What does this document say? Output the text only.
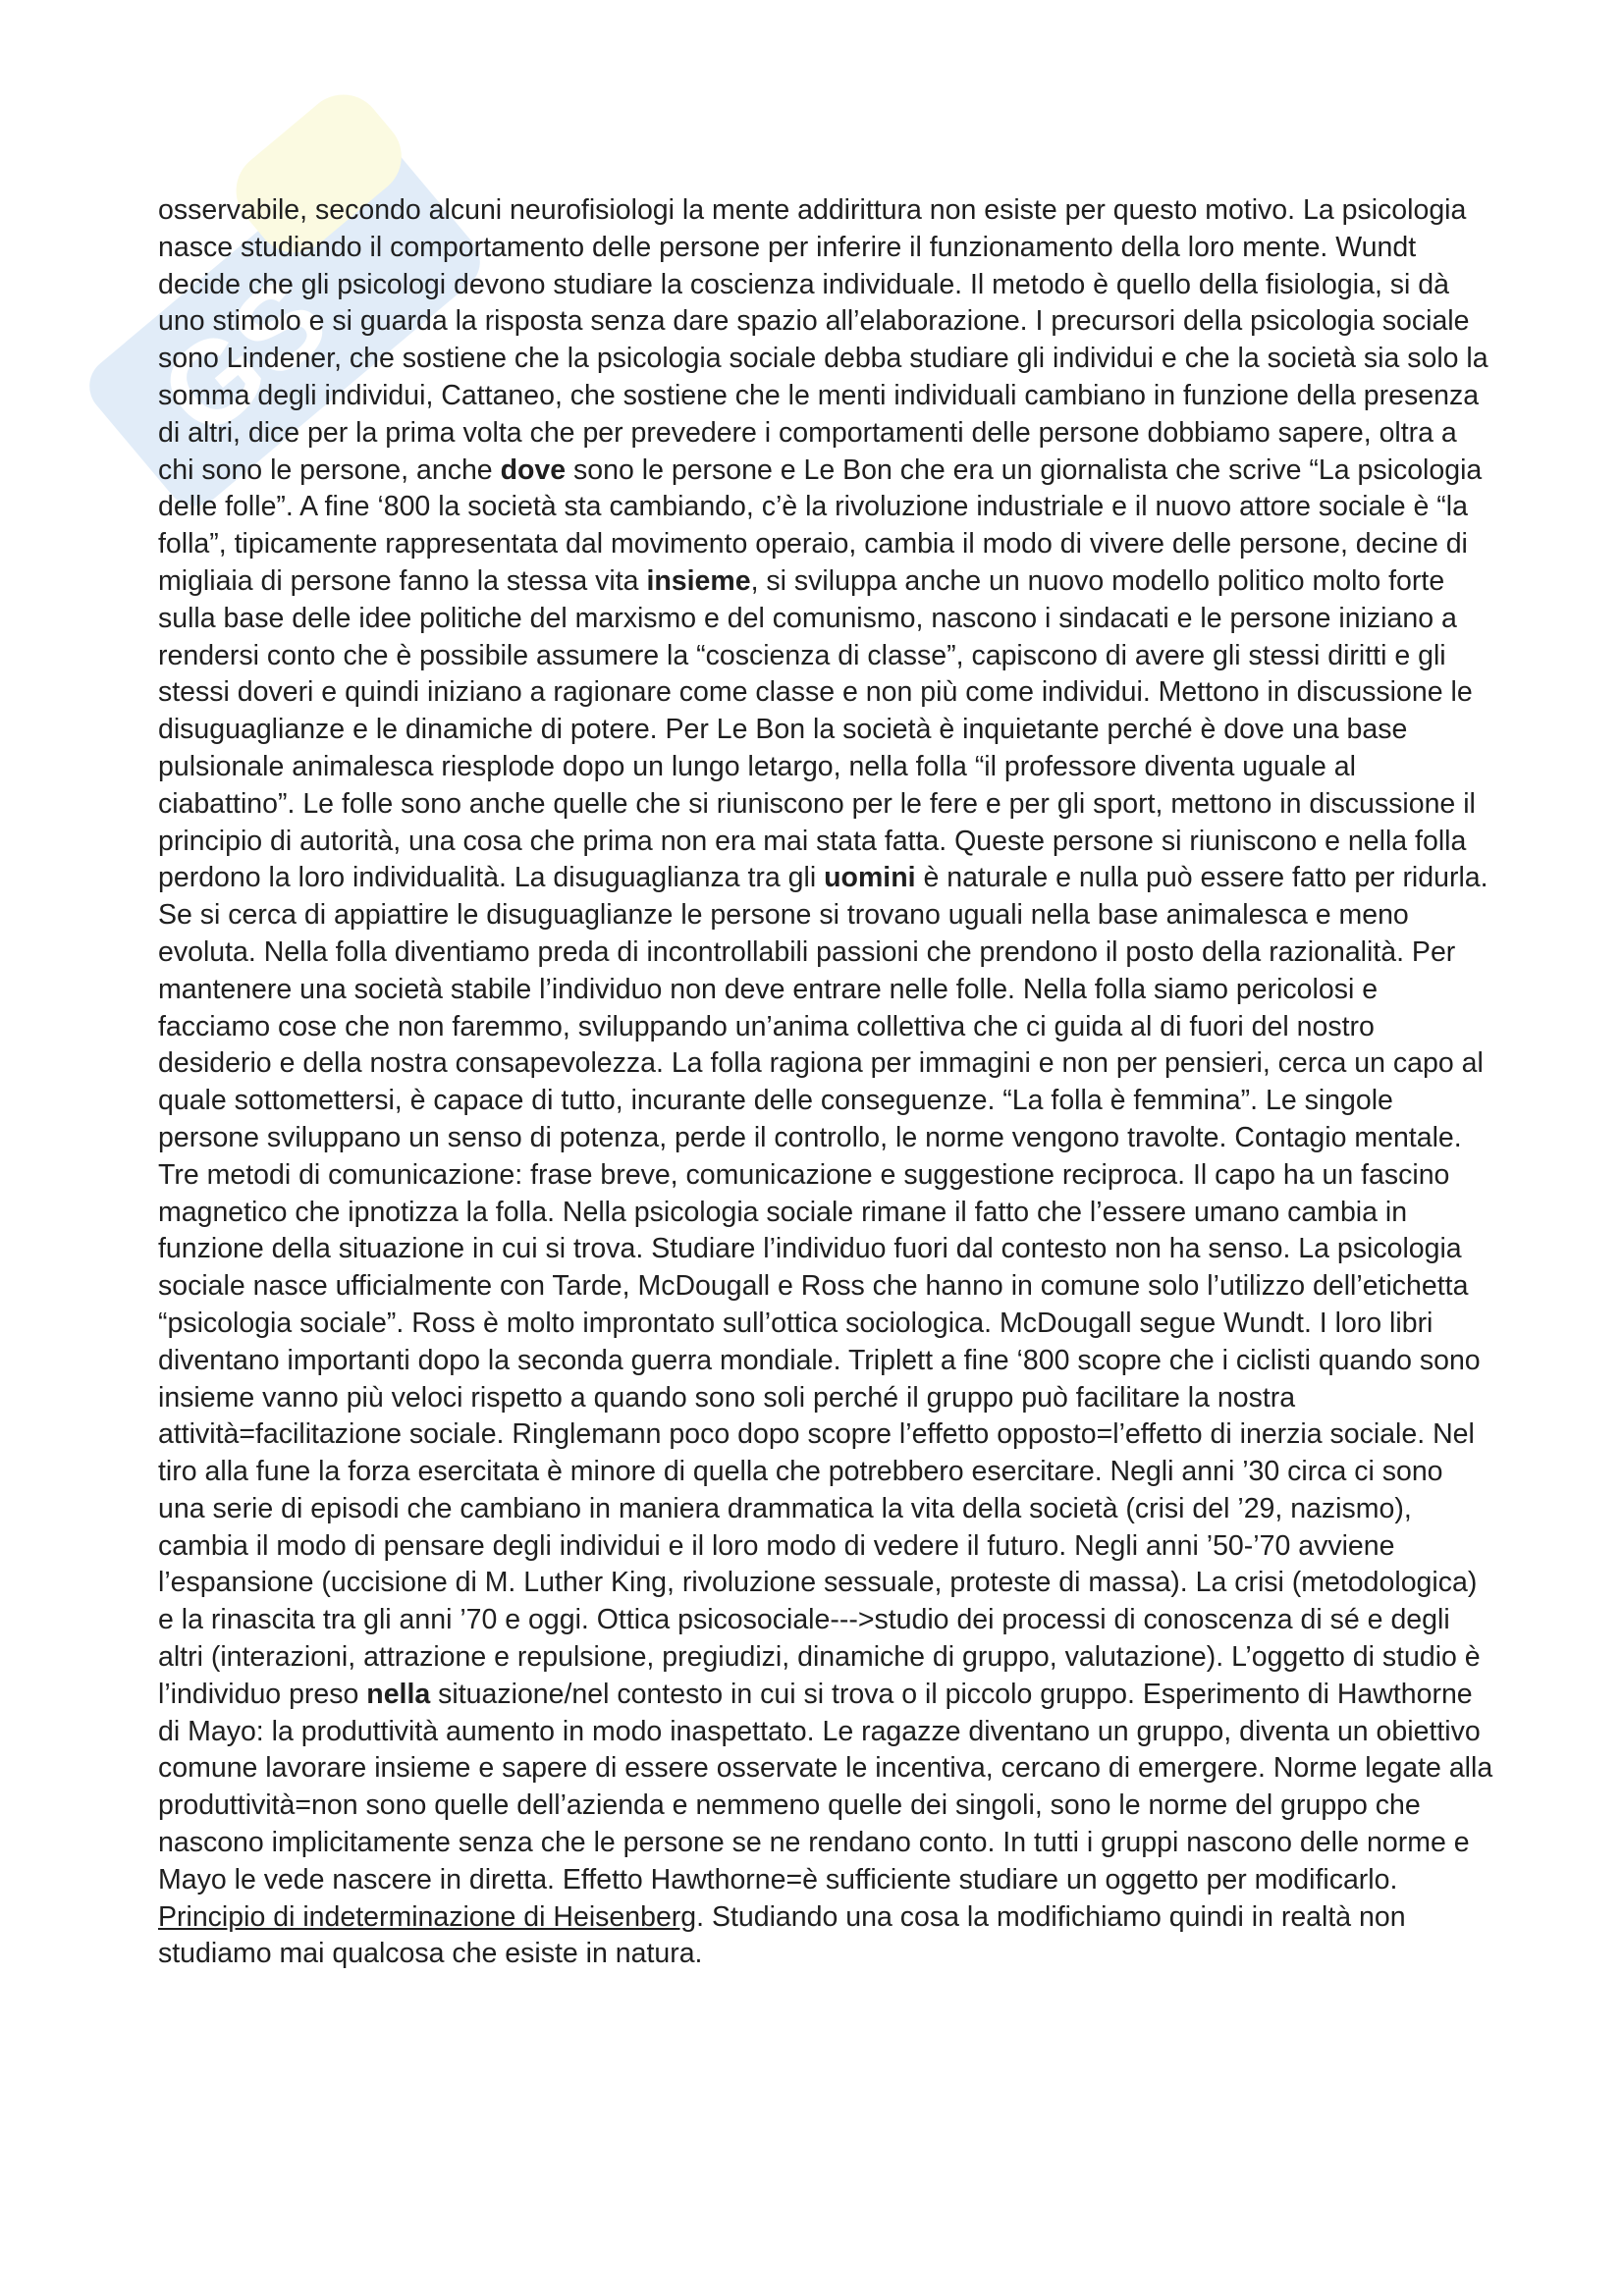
GS

osservabile, secondo alcuni neurofisiologi la mente addirittura non esiste per questo motivo. La psicologia nasce studiando il comportamento delle persone per inferire il funzionamento della loro mente. Wundt decide che gli psicologi devono studiare la coscienza individuale. Il metodo è quello della fisiologia, si dà uno stimolo e si guarda la risposta senza dare spazio all’elaborazione. I precursori della psicologia sociale sono Lindener, che sostiene che la psicologia sociale debba studiare gli individui e che la società sia solo la somma degli individui, Cattaneo, che sostiene che le menti individuali cambiano in funzione della presenza di altri, dice per la prima volta che per prevedere i comportamenti delle persone dobbiamo sapere, oltra a chi sono le persone, anche dove sono le persone e Le Bon che era un giornalista che scrive “La psicologia delle folle”. A fine ‘800 la società sta cambiando, c’è la rivoluzione industriale e il nuovo attore sociale è “la folla”, tipicamente rappresentata dal movimento operaio, cambia il modo di vivere delle persone, decine di migliaia di persone fanno la stessa vita insieme, si sviluppa anche un nuovo modello politico molto forte sulla base delle idee politiche del marxismo e del comunismo, nascono i sindacati e le persone iniziano a rendersi conto che è possibile assumere la “coscienza di classe”, capiscono di avere gli stessi diritti e gli stessi doveri e quindi iniziano a ragionare come classe e non più come individui. Mettono in discussione le disuguaglianze e le dinamiche di potere. Per Le Bon la società è inquietante perché è dove una base pulsionale animalesca riesplode dopo un lungo letargo, nella folla “il professore diventa uguale al ciabattino”. Le folle sono anche quelle che si riuniscono per le fere e per gli sport, mettono in discussione il principio di autorità, una cosa che prima non era mai stata fatta. Queste persone si riuniscono e nella folla perdono la loro individualità. La disuguaglianza tra gli uomini è naturale e nulla può essere fatto per ridurla. Se si cerca di appiattire le disuguaglianze le persone si trovano uguali nella base animalesca e meno evoluta. Nella folla diventiamo preda di incontrollabili passioni che prendono il posto della razionalità. Per mantenere una società stabile l’individuo non deve entrare nelle folle. Nella folla siamo pericolosi e facciamo cose che non faremmo, sviluppando un’anima collettiva che ci guida al di fuori del nostro desiderio e della nostra consapevolezza. La folla ragiona per immagini e non per pensieri, cerca un capo al quale sottomettersi, è capace di tutto, incurante delle conseguenze. “La folla è femmina”. Le singole persone sviluppano un senso di potenza, perde il controllo, le norme vengono travolte. Contagio mentale. Tre metodi di comunicazione: frase breve, comunicazione e suggestione reciproca. Il capo ha un fascino magnetico che ipnotizza la folla. Nella psicologia sociale rimane il fatto che l’essere umano cambia in funzione della situazione in cui si trova. Studiare l’individuo fuori dal contesto non ha senso. La psicologia sociale nasce ufficialmente con Tarde, McDougall e Ross che hanno in comune solo l’utilizzo dell’etichetta “psicologia sociale”. Ross è molto improntato sull’ottica sociologica. McDougall segue Wundt. I loro libri diventano importanti dopo la seconda guerra mondiale. Triplett a fine ‘800 scopre che i ciclisti quando sono insieme vanno più veloci rispetto a quando sono soli perché il gruppo può facilitare la nostra attività=facilitazione sociale. Ringlemann poco dopo scopre l’effetto opposto=l’effetto di inerzia sociale. Nel tiro alla fune la forza esercitata è minore di quella che potrebbero esercitare. Negli anni ’30 circa ci sono una serie di episodi che cambiano in maniera drammatica la vita della società (crisi del ’29, nazismo), cambia il modo di pensare degli individui e il loro modo di vedere il futuro. Negli anni ’50-’70 avviene l’espansione (uccisione di M. Luther King, rivoluzione sessuale, proteste di massa). La crisi (metodologica) e la rinascita tra gli anni ’70 e oggi. Ottica psicosociale--->studio dei processi di conoscenza di sé e degli altri (interazioni, attrazione e repulsione, pregiudizi, dinamiche di gruppo, valutazione). L’oggetto di studio è l’individuo preso nella situazione/nel contesto in cui si trova o il piccolo gruppo. Esperimento di Hawthorne di Mayo: la produttività aumento in modo inaspettato. Le ragazze diventano un gruppo, diventa un obiettivo comune lavorare insieme e sapere di essere osservate le incentiva, cercano di emergere. Norme legate alla produttività=non sono quelle dell’azienda e nemmeno quelle dei singoli, sono le norme del gruppo che nascono implicitamente senza che le persone se ne rendano conto. In tutti i gruppi nascono delle norme e Mayo le vede nascere in diretta. Effetto Hawthorne=è sufficiente studiare un oggetto per modificarlo. Principio di indeterminazione di Heisenberg. Studiando una cosa la modifichiamo quindi in realtà non studiamo mai qualcosa che esiste in natura.
